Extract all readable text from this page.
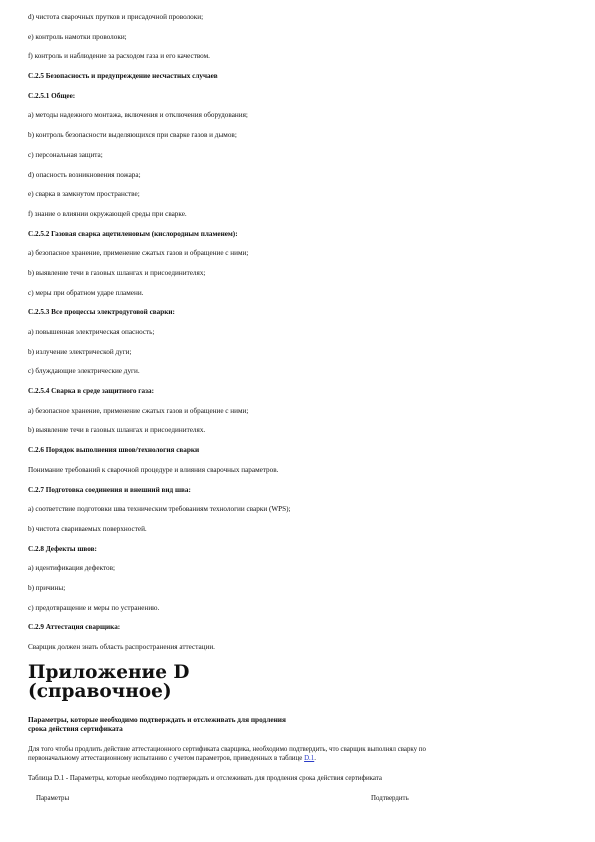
d) чистота сварочных прутков и присадочной проволоки;
e) контроль намотки проволоки;
f) контроль и наблюдение за расходом газа и его качеством.
C.2.5 Безопасность и предупреждение несчастных случаев
C.2.5.1 Общее:
a) методы надежного монтажа, включения и отключения оборудования;
b) контроль безопасности выделяющихся при сварке газов и дымов;
c) персональная защита;
d) опасность возникновения пожара;
e) сварка в замкнутом пространстве;
f) знание о влиянии окружающей среды при сварке.
C.2.5.2 Газовая сварка ацетиленовым (кислородным пламенем):
a) безопасное хранение, применение сжатых газов и обращение с ними;
b) выявление течи в газовых шлангах и присоединителях;
c) меры при обратном ударе пламени.
C.2.5.3 Все процессы электродуговой сварки:
a) повышенная электрическая опасность;
b) излучение электрической дуги;
c) блуждающие электрические дуги.
C.2.5.4 Сварка в среде защитного газа:
a) безопасное хранение, применение сжатых газов и обращение с ними;
b) выявление течи в газовых шлангах и присоединителях.
C.2.6 Порядок выполнения швов/технология сварки
Понимание требований к сварочной процедуре и влияния сварочных параметров.
C.2.7 Подготовка соединения и внешний вид шва:
a) соответствие подготовки шва техническим требованиям технологии сварки (WPS);
b) чистота свариваемых поверхностей.
C.2.8 Дефекты швов:
a) идентификация дефектов;
b) причины;
c) предотвращение и меры по устранению.
C.2.9 Аттестация сварщика:
Сварщик должен знать область распространения аттестации.
Приложение D
(справочное)
Параметры, которые необходимо подтверждать и отслеживать для продления
срока действия сертификата
Для того чтобы продлить действие аттестационного сертификата сварщика, необходимо подтвердить, что сварщик выполнял сварку по
первоначальному аттестационному испытанию с учетом параметров, приведенных в таблице D.1.
Таблица D.1 - Параметры, которые необходимо подтверждать и отслеживать для продления срока действия сертификата
Параметры	Подтвердить
